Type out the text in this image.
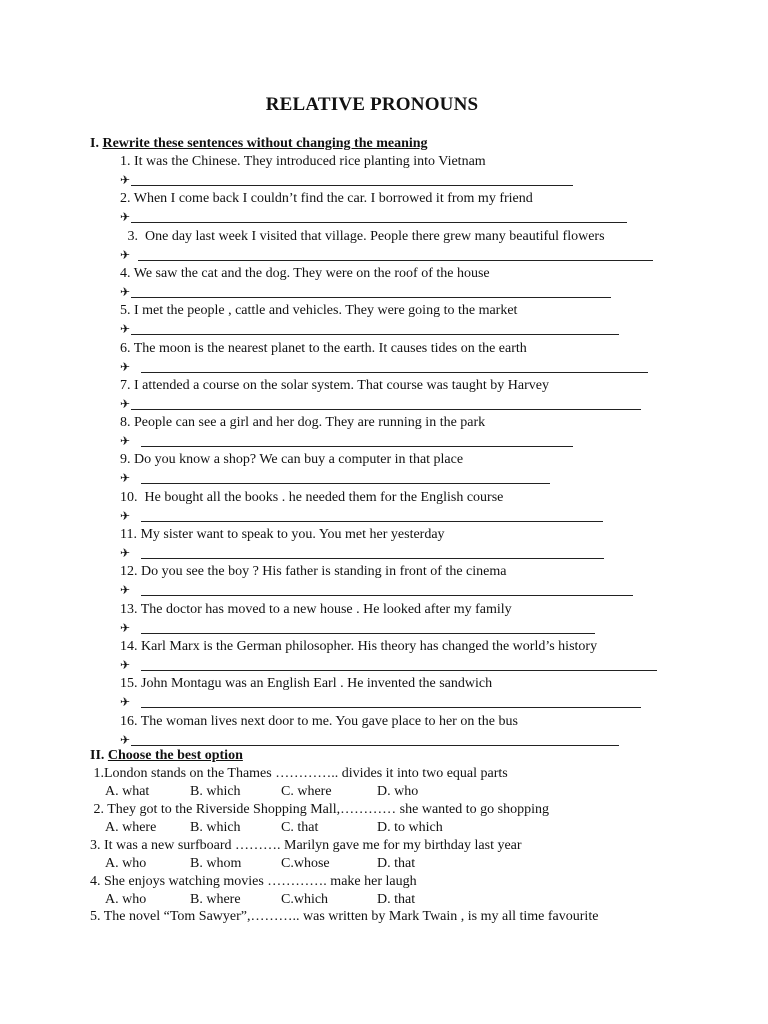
RELATIVE PRONOUNS
I. Rewrite these sentences without changing the meaning
1. It was the Chinese. They introduced rice planting into Vietnam
✈
2. When I come back I couldn’t find the car. I borrowed it from my friend
✈
3.  One day last week I visited that village. People there grew many beautiful flowers
✈
4. We saw the cat and the dog. They were on the roof of the house
✈
5. I met the people , cattle and vehicles. They were going to the market
✈
6. The moon is the nearest planet to the earth. It causes tides on the earth
✈
7. I attended a course on the solar system. That course was taught by Harvey
✈
8. People can see a girl and her dog. They are running in the park
✈
9. Do you know a shop? We can buy a computer in that place
✈
10.  He bought all the books . he needed them for the English course
✈
11. My sister want to speak to you. You met her yesterday
✈
12. Do you see the boy ? His father is standing in front of the cinema
✈
13. The doctor has moved to a new house . He looked after my family
✈
14. Karl Marx is the German philosopher. His theory has changed the world’s history
✈
15. John Montagu was an English Earl . He invented the sandwich
✈
16. The woman lives next door to me. You gave place to her on the bus
✈
II. Choose the best option
1.London stands on the Thames ………….. divides it into two equal parts
A. what	B. which	C. where	D. who
2. They got to the Riverside Shopping Mall,………… she wanted to go shopping
A. where B. which	C. that	D. to which
3. It was a new surfboard ………. Marilyn gave me for my birthday last year
A. who	B. whom	C.whose	D. that
4. She enjoys watching movies …………. make her laugh
A. who	B. where	C.which	D. that
5. The novel “Tom Sawyer”,……….. was written by Mark Twain , is my all time favourite
